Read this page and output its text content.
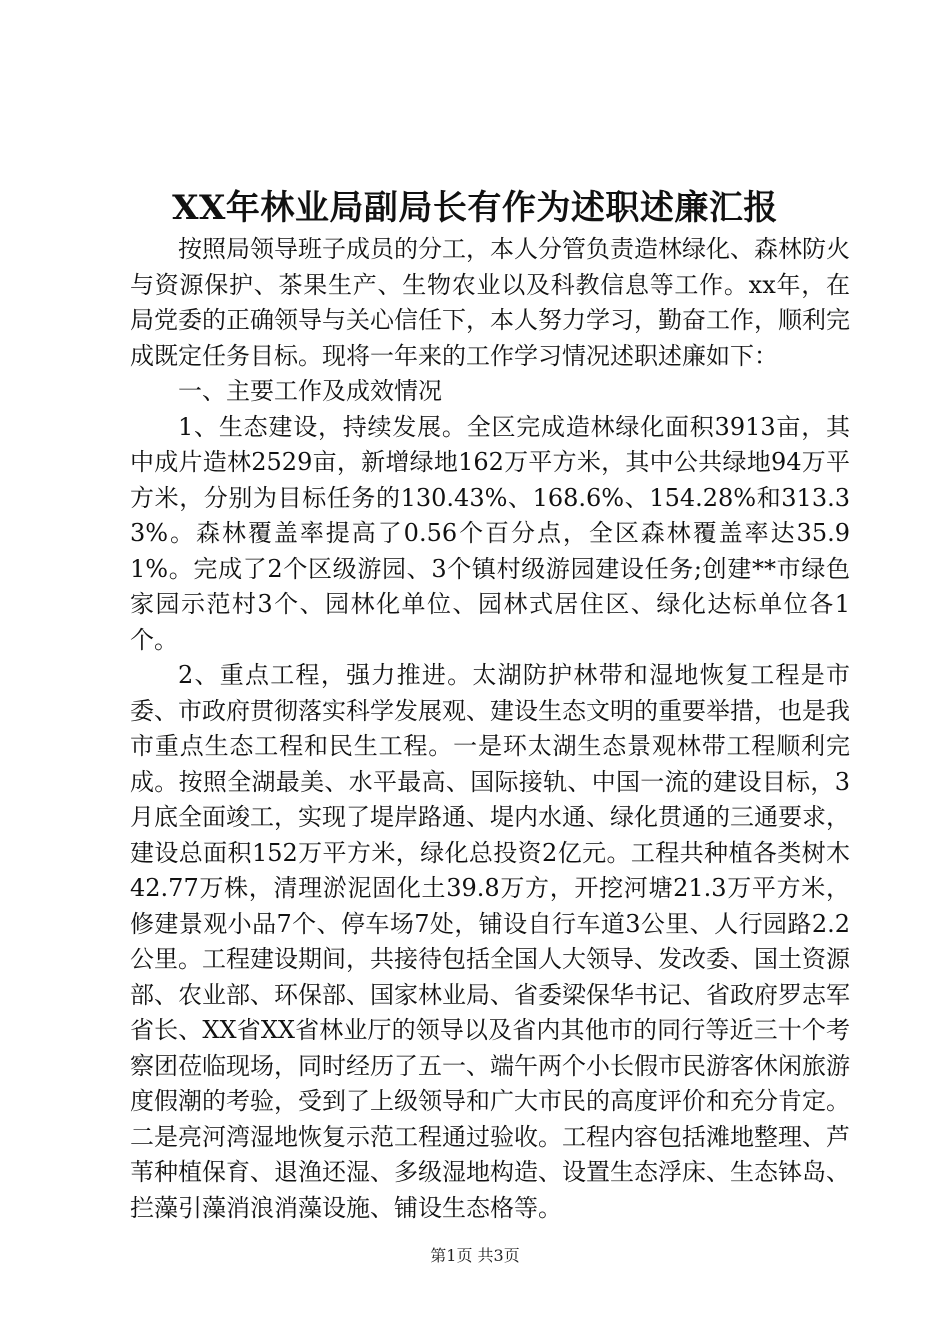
XX年林业局副局长有作为述职述廉汇报

按照局领导班子成员的分工，本人分管负责造林绿化、森林防火与资源保护、茶果生产、生物农业以及科教信息等工作。xx年，在局党委的正确领导与关心信任下，本人努力学习，勤奋工作，顺利完成既定任务目标。现将一年来的工作学习情况述职述廉如下：

一、主要工作及成效情况

1、生态建设，持续发展。全区完成造林绿化面积3913亩，其中成片造林2529亩，新增绿地162万平方米，其中公共绿地94万平方米，分别为目标任务的130.43%、168.6%、154.28%和313.33%。森林覆盖率提高了0.56个百分点，全区森林覆盖率达35.91%。完成了2个区级游园、3个镇村级游园建设任务;创建**市绿色家园示范村3个、园林化单位、园林式居住区、绿化达标单位各1个。

2、重点工程，强力推进。太湖防护林带和湿地恢复工程是市委、市政府贯彻落实科学发展观、建设生态文明的重要举措，也是我市重点生态工程和民生工程。一是环太湖生态景观林带工程顺利完成。按照全湖最美、水平最高、国际接轨、中国一流的建设目标，3月底全面竣工，实现了堤岸路通、堤内水通、绿化贯通的三通要求，建设总面积152万平方米，绿化总投资2亿元。工程共种植各类树木42.77万株，清理淤泥固化土39.8万方，开挖河塘21.3万平方米，修建景观小品7个、停车场7处，铺设自行车道3公里、人行园路2.2公里。工程建设期间，共接待包括全国人大领导、发改委、国土资源部、农业部、环保部、国家林业局、省委梁保华书记、省政府罗志军省长、XX省XX省林业厅的领导以及省内其他市的同行等近三十个考察团莅临现场，同时经历了五一、端午两个小长假市民游客休闲旅游度假潮的考验，受到了上级领导和广大市民的高度评价和充分肯定。二是亮河湾湿地恢复示范工程通过验收。工程内容包括滩地整理、芦苇种植保育、退渔还湿、多级湿地构造、设置生态浮床、生态钵岛、拦藻引藻消浪消藻设施、铺设生态格等。

第1页 共3页
